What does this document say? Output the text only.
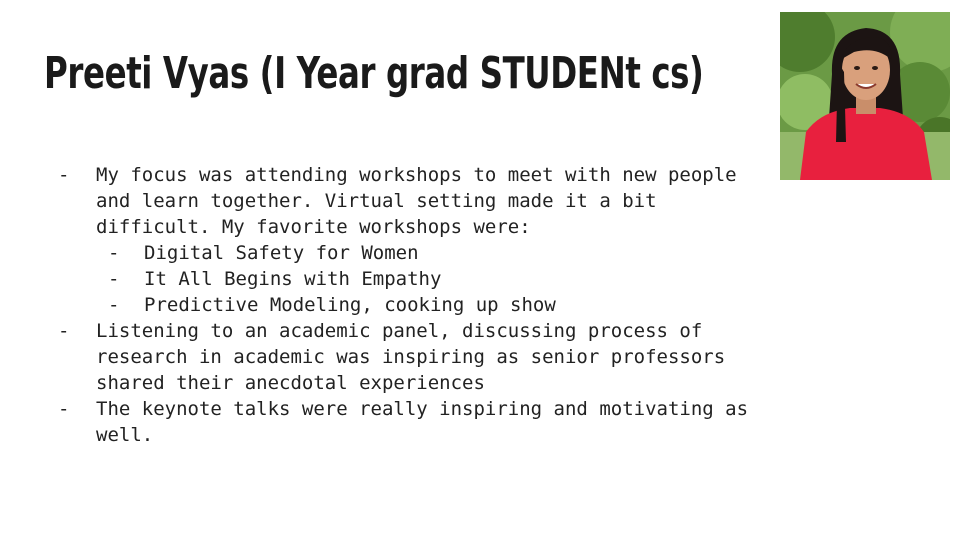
Preeti Vyas (I Year grad STUDENt cs)
- My focus was attending workshops to meet with new people and learn together. Virtual setting made it a bit difficult. My favorite workshops were:
- Digital Safety for Women
- It All Begins with Empathy
- Predictive Modeling, cooking up show
- Listening to an academic panel, discussing process of research in academic was inspiring as senior professors shared their anecdotal experiences
- The keynote talks were really inspiring and motivating as well.
